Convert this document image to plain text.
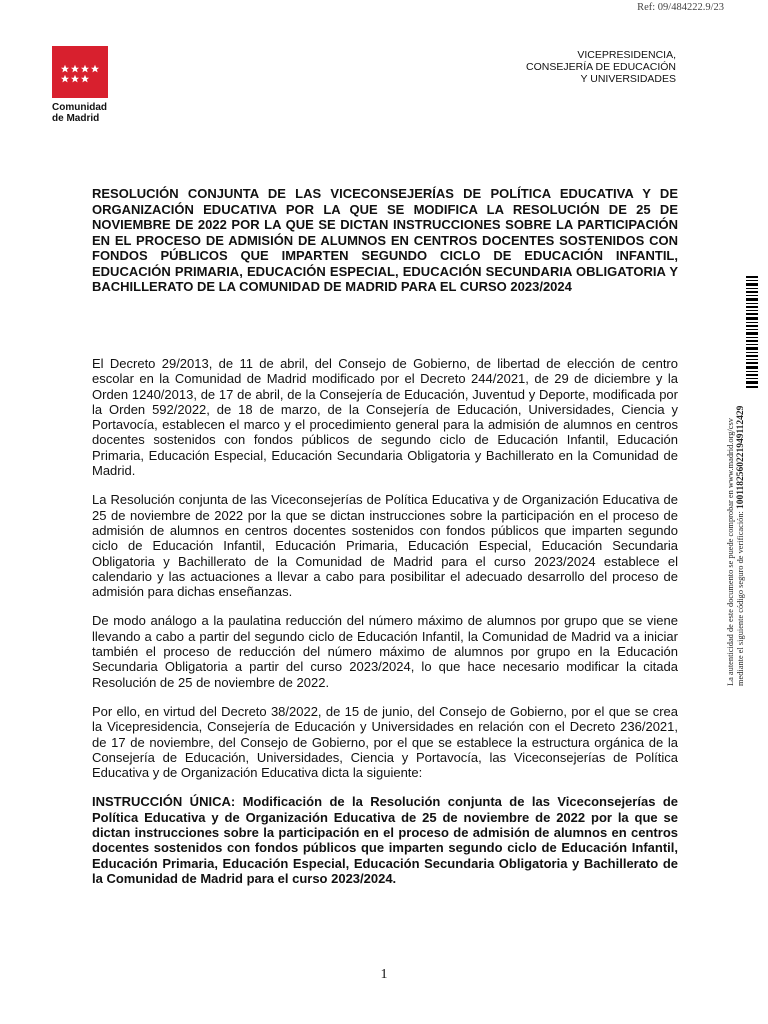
Ref: 09/484222.9/23
Comunidad
de Madrid
VICEPRESIDENCIA,
CONSEJERÍA DE EDUCACIÓN
Y UNIVERSIDADES
RESOLUCIÓN CONJUNTA DE LAS VICECONSEJERÍAS DE POLÍTICA EDUCATIVA Y DE ORGANIZACIÓN EDUCATIVA POR LA QUE SE MODIFICA LA RESOLUCIÓN DE 25 DE NOVIEMBRE DE 2022 POR LA QUE SE DICTAN INSTRUCCIONES SOBRE LA PARTICIPACIÓN EN EL PROCESO DE ADMISIÓN DE ALUMNOS EN CENTROS DOCENTES SOSTENIDOS CON FONDOS PÚBLICOS QUE IMPARTEN SEGUNDO CICLO DE EDUCACIÓN INFANTIL, EDUCACIÓN PRIMARIA, EDUCACIÓN ESPECIAL, EDUCACIÓN SECUNDARIA OBLIGATORIA Y BACHILLERATO DE LA COMUNIDAD DE MADRID PARA EL CURSO 2023/2024

El Decreto 29/2013, de 11 de abril, del Consejo de Gobierno, de libertad de elección de centro escolar en la Comunidad de Madrid modificado por el Decreto 244/2021, de 29 de diciembre y la Orden 1240/2013, de 17 de abril, de la Consejería de Educación, Juventud y Deporte, modificada por la Orden 592/2022, de 18 de marzo, de la Consejería de Educación, Universidades, Ciencia y Portavocía, establecen el marco y el procedimiento general para la admisión de alumnos en centros docentes sostenidos con fondos públicos de segundo ciclo de Educación Infantil, Educación Primaria, Educación Especial, Educación Secundaria Obligatoria y Bachillerato en la Comunidad de Madrid.

La Resolución conjunta de las Viceconsejerías de Política Educativa y de Organización Educativa de 25 de noviembre de 2022 por la que se dictan instrucciones sobre la participación en el proceso de admisión de alumnos en centros docentes sostenidos con fondos públicos que imparten segundo ciclo de Educación Infantil, Educación Primaria, Educación Especial, Educación Secundaria Obligatoria y Bachillerato de la Comunidad de Madrid para el curso 2023/2024 establece el calendario y las actuaciones a llevar a cabo para posibilitar el adecuado desarrollo del proceso de admisión para dichas enseñanzas.

De modo análogo a la paulatina reducción del número máximo de alumnos por grupo que se viene llevando a cabo a partir del segundo ciclo de Educación Infantil, la Comunidad de Madrid va a iniciar también el proceso de reducción del número máximo de alumnos por grupo en la Educación Secundaria Obligatoria a partir del curso 2023/2024, lo que hace necesario modificar la citada Resolución de 25 de noviembre de 2022.

Por ello, en virtud del Decreto 38/2022, de 15 de junio, del Consejo de Gobierno, por el que se crea la Vicepresidencia, Consejería de Educación y Universidades en relación con el Decreto 236/2021, de 17 de noviembre, del Consejo de Gobierno, por el que se establece la estructura orgánica de la Consejería de Educación, Universidades, Ciencia y Portavocía, las Viceconsejerías de Política Educativa y de Organización Educativa dicta la siguiente:

INSTRUCCIÓN ÚNICA: Modificación de la Resolución conjunta de las Viceconsejerías de Política Educativa y de Organización Educativa de 25 de noviembre de 2022 por la que se dictan instrucciones sobre la participación en el proceso de admisión de alumnos en centros docentes sostenidos con fondos públicos que imparten segundo ciclo de Educación Infantil, Educación Primaria, Educación Especial, Educación Secundaria Obligatoria y Bachillerato de la Comunidad de Madrid para el curso 2023/2024.

1
La autenticidad de este documento se puede comprobar en www.madrid.org/csv mediante el siguiente código seguro de verificación: 1001182560221949112429
